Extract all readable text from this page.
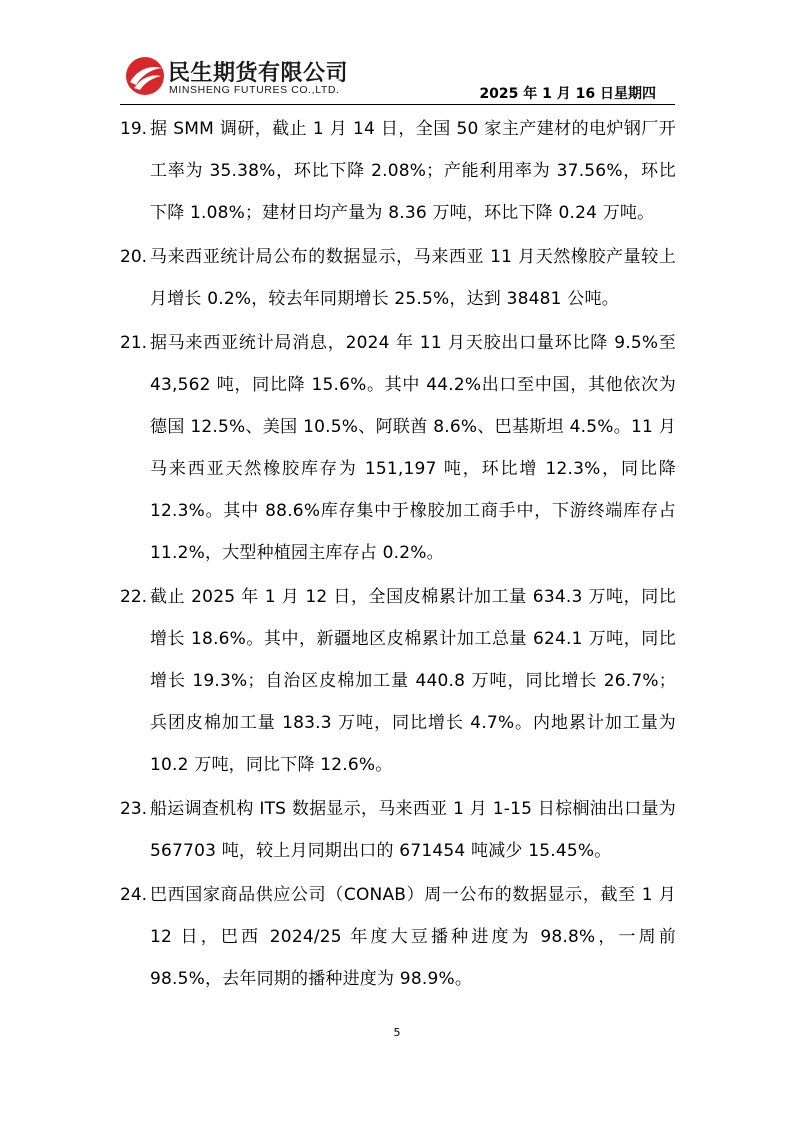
民生期货有限公司
MINSHENG FUTURES CO.,LTD.	2025 年 1 月 16 日星期四
19. 据 SMM 调研，截止 1 月 14 日，全国 50 家主产建材的电炉钢厂开工率为 35.38%，环比下降 2.08%；产能利用率为 37.56%，环比下降 1.08%；建材日均产量为 8.36 万吨，环比下降 0.24 万吨。
20. 马来西亚统计局公布的数据显示，马来西亚 11 月天然橡胶产量较上月增长 0.2%，较去年同期增长 25.5%，达到 38481 公吨。
21. 据马来西亚统计局消息，2024 年 11 月天胶出口量环比降 9.5%至 43,562 吨，同比降 15.6%。其中 44.2%出口至中国，其他依次为德国 12.5%、美国 10.5%、阿联酋 8.6%、巴基斯坦 4.5%。11 月马来西亚天然橡胶库存为 151,197 吨，环比增 12.3%，同比降 12.3%。其中 88.6%库存集中于橡胶加工商手中，下游终端库存占 11.2%，大型种植园主库存占 0.2%。
22. 截止 2025 年 1 月 12 日，全国皮棉累计加工量 634.3 万吨，同比增长 18.6%。其中，新疆地区皮棉累计加工总量 624.1 万吨，同比增长 19.3%；自治区皮棉加工量 440.8 万吨，同比增长 26.7%；兵团皮棉加工量 183.3 万吨，同比增长 4.7%。内地累计加工量为 10.2 万吨，同比下降 12.6%。
23. 船运调查机构 ITS 数据显示，马来西亚 1 月 1-15 日棕榈油出口量为 567703 吨，较上月同期出口的 671454 吨减少 15.45%。
24. 巴西国家商品供应公司（CONAB）周一公布的数据显示，截至 1 月 12 日，巴西 2024/25 年度大豆播种进度为 98.8%，一周前 98.5%，去年同期的播种进度为 98.9%。
5
